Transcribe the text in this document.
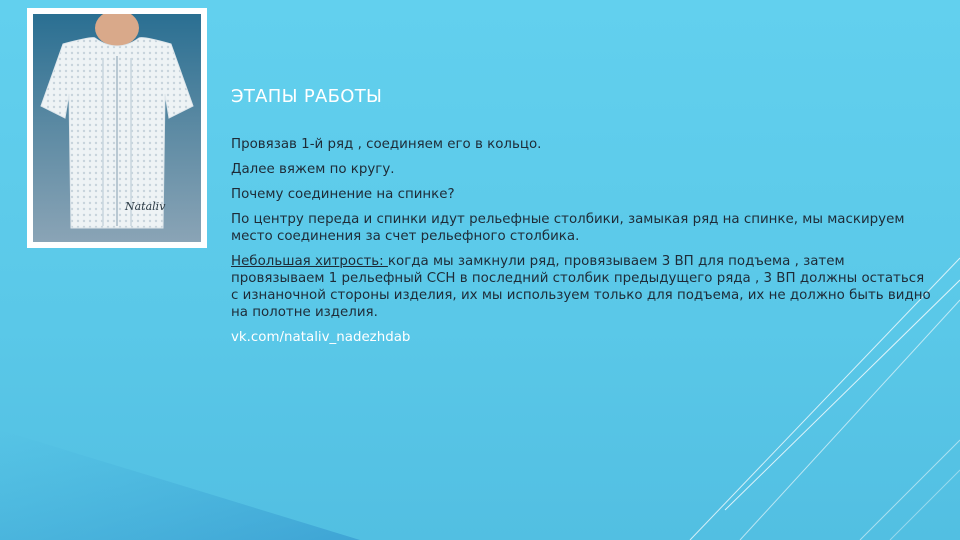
Nataliv
ЭТАПЫ РАБОТЫ

Провязав 1-й ряд , соединяем его в кольцо.

Далее вяжем по кругу.

Почему соединение на спинке?

По центру переда и спинки идут рельефные столбики, замыкая ряд на спинке, мы маскируем место соединения за счет рельефного столбика.

Небольшая хитрость: когда мы замкнули ряд, провязываем 3 ВП для подъема , затем провязываем 1 рельефный ССН в последний столбик предыдущего ряда , 3 ВП должны остаться с изнаночной стороны изделия, их мы используем только для подъема, их не должно быть видно на полотне изделия.

vk.com/nataliv_nadezhdab
